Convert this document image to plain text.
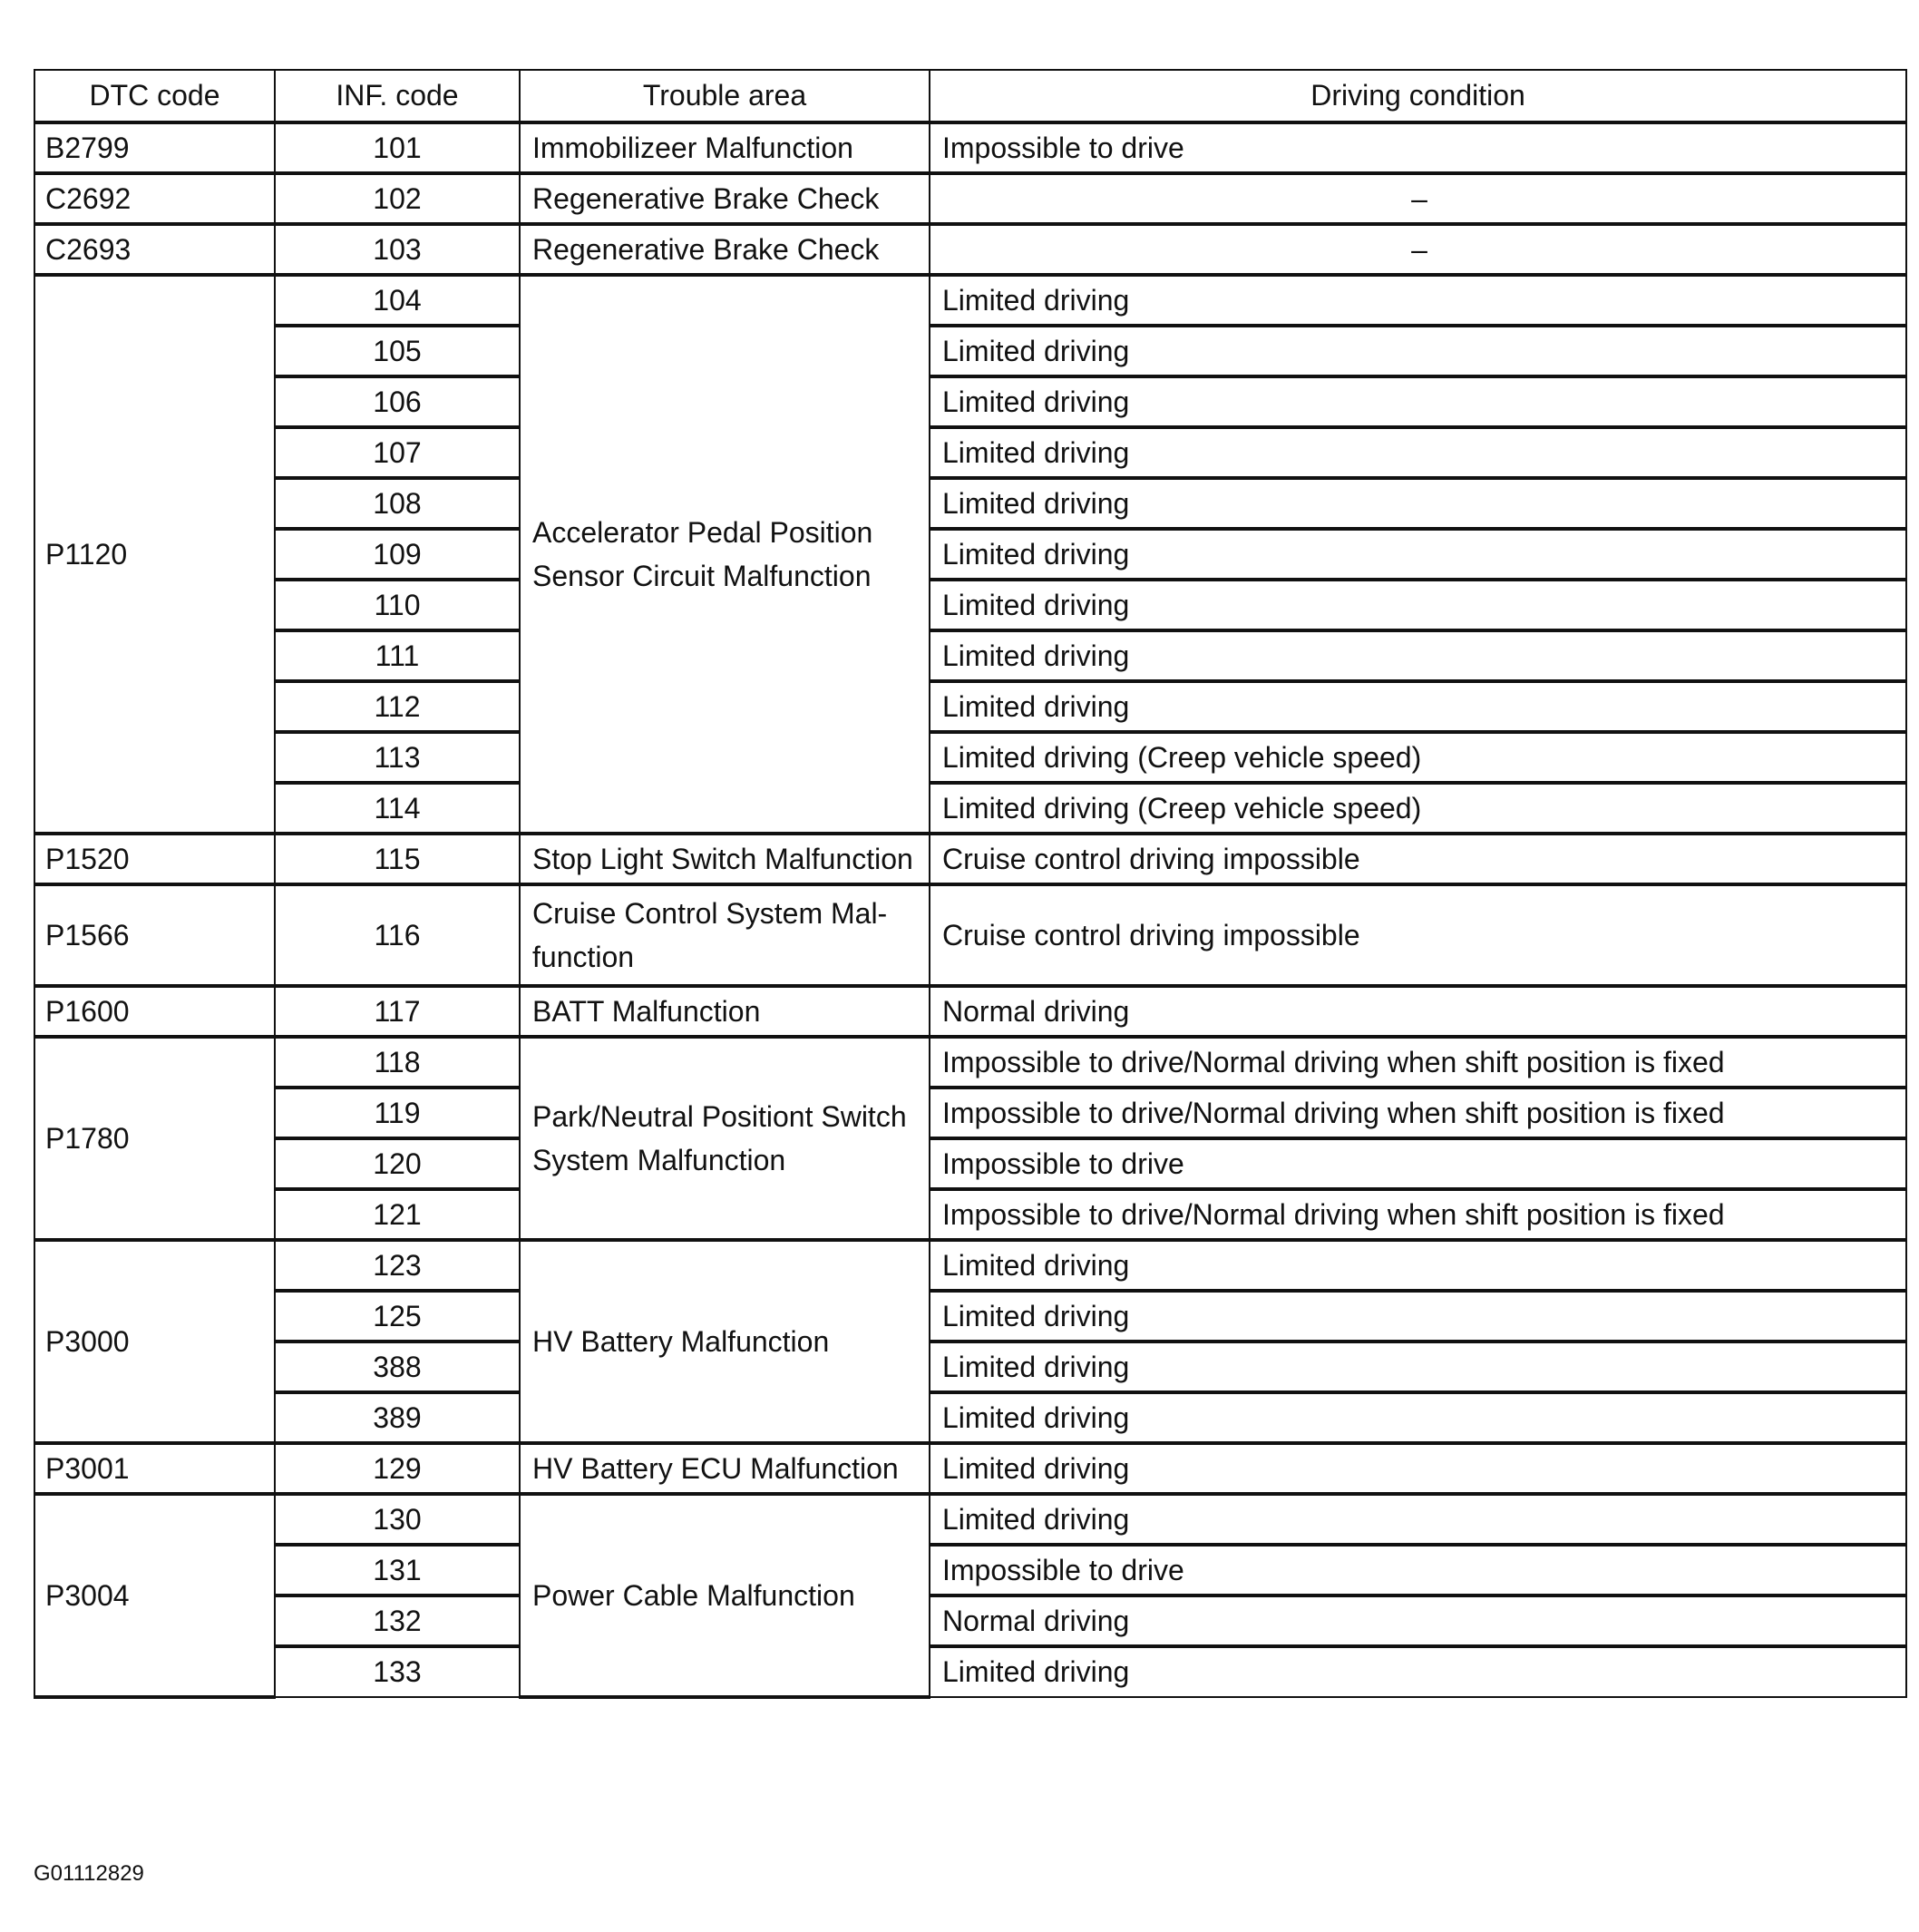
DTC code	INF. code	Trouble area	Driving condition
B2799	101	Immobilizeer Malfunction	Impossible to drive
C2692	102	Regenerative Brake Check	–
C2693	103	Regenerative Brake Check	–
P1120	104	Accelerator Pedal Position Sensor Circuit Malfunction	Limited driving
	105		Limited driving
	106		Limited driving
	107		Limited driving
	108		Limited driving
	109		Limited driving
	110		Limited driving
	111		Limited driving
	112		Limited driving
	113		Limited driving (Creep vehicle speed)
	114		Limited driving (Creep vehicle speed)
P1520	115	Stop Light Switch Malfunction	Cruise control driving impossible
P1566	116	Cruise Control System Mal-function	Cruise control driving impossible
P1600	117	BATT Malfunction	Normal driving
P1780	118	Park/Neutral Positiont Switch System Malfunction	Impossible to drive/Normal driving when shift position is fixed
	119		Impossible to drive/Normal driving when shift position is fixed
	120		Impossible to drive
	121		Impossible to drive/Normal driving when shift position is fixed
P3000	123	HV Battery Malfunction	Limited driving
	125		Limited driving
	388		Limited driving
	389		Limited driving
P3001	129	HV Battery ECU Malfunction	Limited driving
P3004	130	Power Cable Malfunction	Limited driving
	131		Impossible to drive
	132		Normal driving
	133		Limited driving
G01112829
